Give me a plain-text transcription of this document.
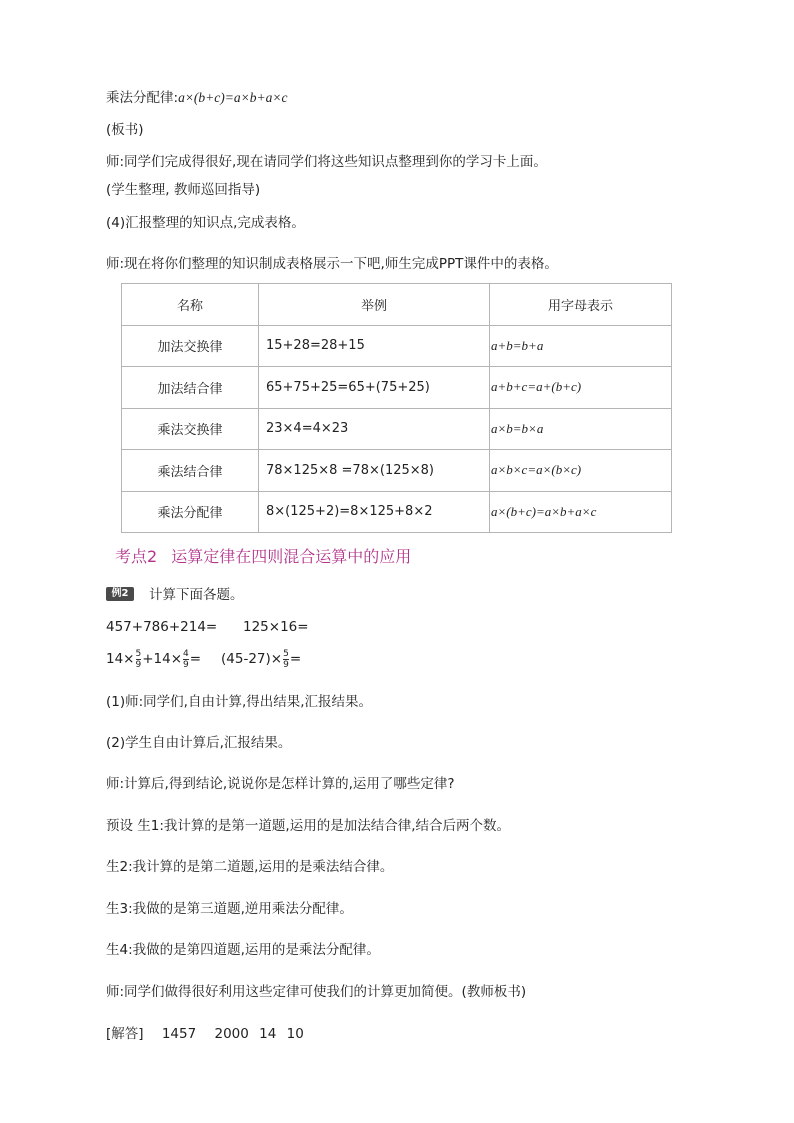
乘法分配律:a×(b+c)=a×b+a×c
(板书)
师:同学们完成得很好,现在请同学们将这些知识点整理到你的学习卡上面。
(学生整理, 教师巡回指导)
(4)汇报整理的知识点,完成表格。
师:现在将你们整理的知识制成表格展示一下吧,师生完成PPT课件中的表格。
名称	举例	用字母表示
加法交换律	15+28=28+15	a+b=b+a
加法结合律	65+75+25=65+(75+25)	a+b+c=a+(b+c)
乘法交换律	23×4=4×23	a×b=b×a
乘法结合律	78×125×8 =78×(125×8)	a×b×c=a×(b×c)
乘法分配律	8×(125+2)=8×125+8×2	a×(b+c)=a×b+a×c
考点2 运算定律在四则混合运算中的应用
例2	计算下面各题。
457+786+214= 125×16=
$14\times \frac{5}{9} +14\times \frac{4}{9} = (45-27)\times \frac{5}{9}$ =
(1)师:同学们,自由计算,得出结果,汇报结果。
(2)学生自由计算后,汇报结果。
师:计算后,得到结论,说说你是怎样计算的,运用了哪些定律?
预设 生1:我计算的是第一道题,运用的是加法结合律,结合后两个数。
生2:我计算的是第二道题,运用的是乘法结合律。
生3:我做的是第三道题,逆用乘法分配律。
生4:我做的是第四道题,运用的是乘法分配律。
师:同学们做得很好利用这些定律可使我们的计算更加简便。(教师板书)
[解答] 1457 2000 14 10
